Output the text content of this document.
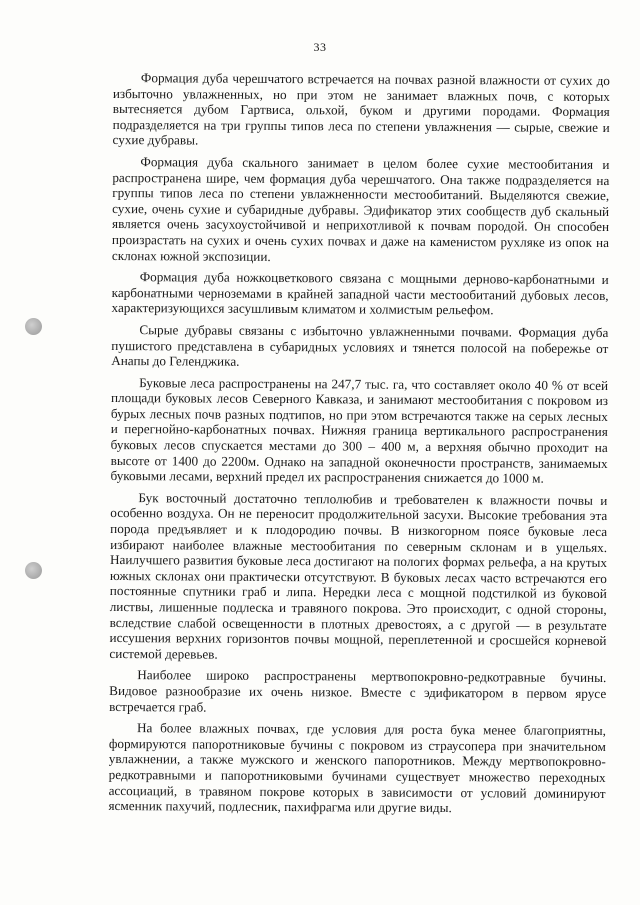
33

Формация дуба черешчатого встречается на почвах разной влажности от сухих до избыточно увлажненных, но при этом не занимает влажных почв, с которых вытесняется дубом Гартвиса, ольхой, буком и другими породами. Формация подразделяется на три группы типов леса по степени увлажнения — сырые, свежие и сухие дубравы.

Формация дуба скального занимает в целом более сухие местообитания и распространена шире, чем формация дуба черешчатого. Она также подразделяется на группы типов леса по степени увлажненности местообитаний. Выделяются свежие, сухие, очень сухие и субаридные дубравы. Эдификатор этих сообществ дуб скальный является очень засухоустойчивой и неприхотливой к почвам породой. Он способен произрастать на сухих и очень сухих почвах и даже на каменистом рухляке из опок на склонах южной экспозиции.

Формация дуба ножкоцветкового связана с мощными дерново-карбонатными и карбонатными черноземами в крайней западной части местообитаний дубовых лесов, характеризующихся засушливым климатом и холмистым рельефом.

Сырые дубравы связаны с избыточно увлажненными почвами. Формация дуба пушистого представлена в субаридных условиях и тянется полосой на побережье от Анапы до Геленджика.

Буковые леса распространены на 247,7 тыс. га, что составляет около 40 % от всей площади буковых лесов Северного Кавказа, и занимают местообитания с покровом из бурых лесных почв разных подтипов, но при этом встречаются также на серых лесных и перегнойно-карбонатных почвах. Нижняя граница вертикального распространения буковых лесов спускается местами до 300 – 400 м, а верхняя обычно проходит на высоте от 1400 до 2200м. Однако на западной оконечности пространств, занимаемых буковыми лесами, верхний предел их распространения снижается до 1000 м.

Бук восточный достаточно теплолюбив и требователен к влажности почвы и особенно воздуха. Он не переносит продолжительной засухи. Высокие требования эта порода предъявляет и к плодородию почвы. В низкогорном поясе буковые леса избирают наиболее влажные местообитания по северным склонам и в ущельях. Наилучшего развития буковые леса достигают на пологих формах рельефа, а на крутых южных склонах они практически отсутствуют. В буковых лесах часто встречаются его постоянные спутники граб и липа. Нередки леса с мощной подстилкой из буковой листвы, лишенные подлеска и травяного покрова. Это происходит, с одной стороны, вследствие слабой освещенности в плотных древостоях, а с другой — в результате иссушения верхних горизонтов почвы мощной, переплетенной и сросшейся корневой системой деревьев.

Наиболее широко распространены мертвопокровно-редкотравные бучины. Видовое разнообразие их очень низкое. Вместе с эдификатором в первом ярусе встречается граб.

На более влажных почвах, где условия для роста бука менее благоприятны, формируются папоротниковые бучины с покровом из страусопера при значительном увлажнении, а также мужского и женского папоротников. Между мертвопокровно-редкотравными и папоротниковыми бучинами существует множество переходных ассоциаций, в травяном покрове которых в зависимости от условий доминируют ясменник пахучий, подлесник, пахифрагма или другие виды.
